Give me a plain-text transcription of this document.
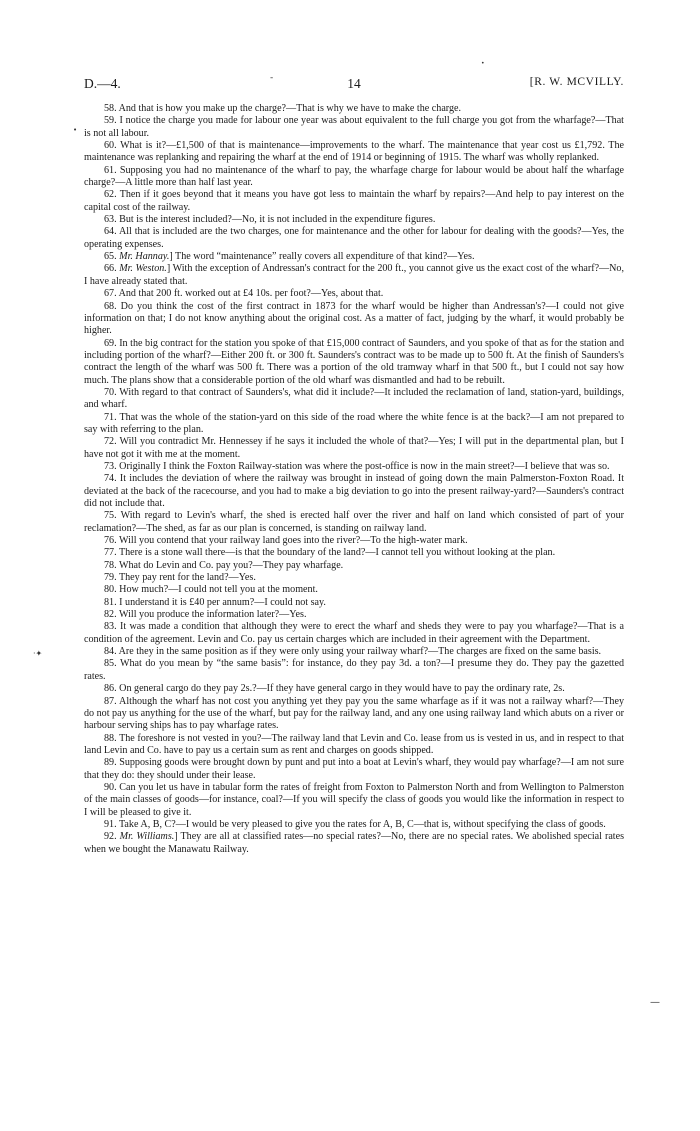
D.—4.	14	[R. W. MCVILLY.
•
-
•
·✦
—

58. And that is how you make up the charge?—That is why we have to make the charge.

59. I notice the charge you made for labour one year was about equivalent to the full charge you got from the wharfage?—That is not all labour.

60. What is it?—£1,500 of that is maintenance—improvements to the wharf. The maintenance that year cost us £1,792. The maintenance was replanking and repairing the wharf at the end of 1914 or beginning of 1915. The wharf was wholly replanked.

61. Supposing you had no maintenance of the wharf to pay, the wharfage charge for labour would be about half the wharfage charge?—A little more than half last year.

62. Then if it goes beyond that it means you have got less to maintain the wharf by repairs?—And help to pay interest on the capital cost of the railway.

63. But is the interest included?—No, it is not included in the expenditure figures.

64. All that is included are the two charges, one for maintenance and the other for labour for dealing with the goods?—Yes, the operating expenses.

65. Mr. Hannay.] The word “maintenance” really covers all expenditure of that kind?—Yes.

66. Mr. Weston.] With the exception of Andressan's contract for the 200 ft., you cannot give us the exact cost of the wharf?—No, I have already stated that.

67. And that 200 ft. worked out at £4 10s. per foot?—Yes, about that.

68. Do you think the cost of the first contract in 1873 for the wharf would be higher than Andressan's?—I could not give information on that; I do not know anything about the original cost. As a matter of fact, judging by the wharf, it would probably be higher.

69. In the big contract for the station you spoke of that £15,000 contract of Saunders, and you spoke of that as for the station and including portion of the wharf?—Either 200 ft. or 300 ft. Saunders's contract was to be made up to 500 ft. At the finish of Saunders's contract the length of the wharf was 500 ft. There was a portion of the old tramway wharf in that 500 ft., but I could not say how much. The plans show that a considerable portion of the old wharf was dismantled and had to be rebuilt.

70. With regard to that contract of Saunders's, what did it include?—It included the reclamation of land, station-yard, buildings, and wharf.

71. That was the whole of the station-yard on this side of the road where the white fence is at the back?—I am not prepared to say with referring to the plan.

72. Will you contradict Mr. Hennessey if he says it included the whole of that?—Yes; I will put in the departmental plan, but I have not got it with me at the moment.

73. Originally I think the Foxton Railway-station was where the post-office is now in the main street?—I believe that was so.

74. It includes the deviation of where the railway was brought in instead of going down the main Palmerston-Foxton Road. It deviated at the back of the racecourse, and you had to make a big deviation to go into the present railway-yard?—Saunders's contract did not include that.

75. With regard to Levin's wharf, the shed is erected half over the river and half on land which consisted of part of your reclamation?—The shed, as far as our plan is concerned, is standing on railway land.

76. Will you contend that your railway land goes into the river?—To the high-water mark.

77. There is a stone wall there—is that the boundary of the land?—I cannot tell you without looking at the plan.

78. What do Levin and Co. pay you?—They pay wharfage.

79. They pay rent for the land?—Yes.

80. How much?—I could not tell you at the moment.

81. I understand it is £40 per annum?—I could not say.

82. Will you produce the information later?—Yes.

83. It was made a condition that although they were to erect the wharf and sheds they were to pay you wharfage?—That is a condition of the agreement. Levin and Co. pay us certain charges which are included in their agreement with the Department.

84. Are they in the same position as if they were only using your railway wharf?—The charges are fixed on the same basis.

85. What do you mean by “the same basis”: for instance, do they pay 3d. a ton?—I presume they do. They pay the gazetted rates.

86. On general cargo do they pay 2s.?—If they have general cargo in they would have to pay the ordinary rate, 2s.

87. Although the wharf has not cost you anything yet they pay you the same wharfage as if it was not a railway wharf?—They do not pay us anything for the use of the wharf, but pay for the railway land, and any one using railway land which abuts on a river or harbour serving ships has to pay wharfage rates.

88. The foreshore is not vested in you?—The railway land that Levin and Co. lease from us is vested in us, and in respect to that land Levin and Co. have to pay us a certain sum as rent and charges on goods shipped.

89. Supposing goods were brought down by punt and put into a boat at Levin's wharf, they would pay wharfage?—I am not sure that they do: they should under their lease.

90. Can you let us have in tabular form the rates of freight from Foxton to Palmerston North and from Wellington to Palmerston of the main classes of goods—for instance, coal?—If you will specify the class of goods you would like the information in respect to I will be pleased to give it.

91. Take A, B, C?—I would be very pleased to give you the rates for A, B, C—that is, without specifying the class of goods.

92. Mr. Williams.] They are all at classified rates—no special rates?—No, there are no special rates. We abolished special rates when we bought the Manawatu Railway.
